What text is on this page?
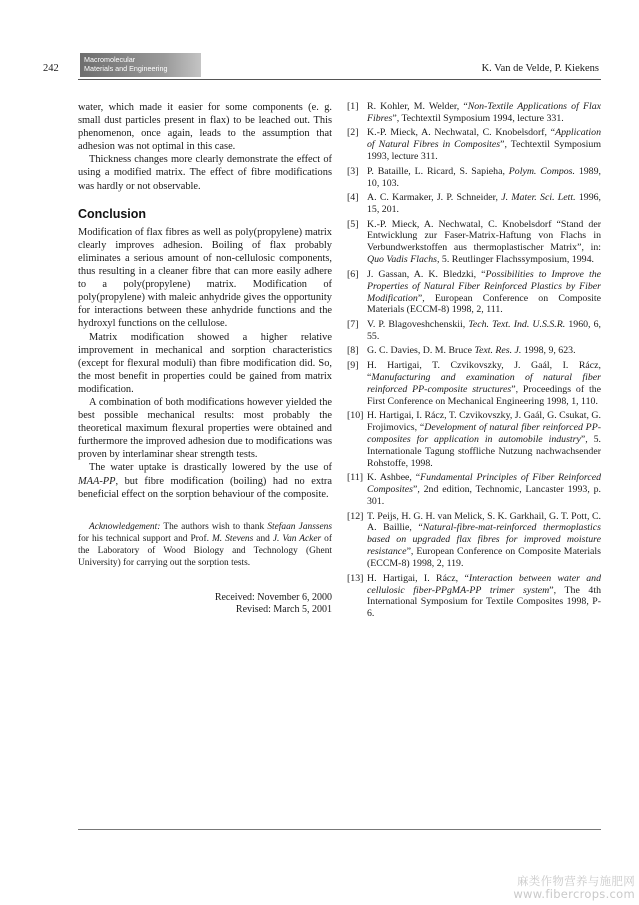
242
Macromolecular
Materials and Engineering	K. Van de Velde, P. Kiekens

water, which made it easier for some components (e. g. small dust particles present in flax) to be leached out. This phenomenon, once again, leads to the assumption that adhesion was not optimal in this case.

Thickness changes more clearly demonstrate the effect of using a modified matrix. The effect of fibre modifications was hardly or not observable.

Conclusion

Modification of flax fibres as well as poly(propylene) matrix clearly improves adhesion. Boiling of flax probably eliminates a serious amount of non-cellulosic components, thus resulting in a cleaner fibre that can more easily adhere to a poly(propylene) matrix. Modification of poly(propylene) with maleic anhydride gives the opportunity for interactions between these anhydride functions and the hydroxyl functions on the cellulose.

Matrix modification showed a higher relative improvement in mechanical and sorption characteristics (except for flexural moduli) than fibre modification did. So, the most benefit in properties could be gained from matrix modification.

A combination of both modifications however yielded the best possible mechanical results: most probably the theoretical maximum flexural properties were obtained and furthermore the improved adhesion due to modifications was proven by interlaminar shear strength tests.

The water uptake is drastically lowered by the use of MAA-PP, but fibre modification (boiling) had no extra beneficial effect on the sorption behaviour of the composite.

Acknowledgement: The authors wish to thank Stefaan Janssens for his technical support and Prof. M. Stevens and J. Van Acker of the Laboratory of Wood Biology and Technology (Ghent University) for carrying out the sorption tests.

Received: November 6, 2000
Revised: March 5, 2001
[1] R. Kohler, M. Welder, “Non-Textile Applications of Flax Fibres”, Techtextil Symposium 1994, lecture 331.
[2] K.-P. Mieck, A. Nechwatal, C. Knobelsdorf, “Application of Natural Fibres in Composites”, Techtextil Symposium 1993, lecture 311.
[3] P. Bataille, L. Ricard, S. Sapieha, Polym. Compos. 1989, 10, 103.
[4] A. C. Karmaker, J. P. Schneider, J. Mater. Sci. Lett. 1996, 15, 201.
[5] K.-P. Mieck, A. Nechwatal, C. Knobelsdorf “Stand der Entwicklung zur Faser-Matrix-Haftung von Flachs in Verbundwerkstoffen aus thermoplastischer Matrix”, in: Quo Vadis Flachs, 5. Reutlinger Flachssymposium, 1994.
[6] J. Gassan, A. K. Bledzki, “Possibilities to Improve the Properties of Natural Fiber Reinforced Plastics by Fiber Modification”, European Conference on Composite Materials (ECCM-8) 1998, 2, 111.
[7] V. P. Blagoveshchenskii, Tech. Text. Ind. U.S.S.R. 1960, 6, 55.
[8] G. C. Davies, D. M. Bruce Text. Res. J. 1998, 9, 623.
[9] H. Hartigai, T. Czvikovszky, J. Gaál, I. Rácz, “Manufacturing and examination of natural fiber reinforced PP-composite structures”, Proceedings of the First Conference on Mechanical Engineering 1998, 1, 110.
[10] H. Hartigai, I. Rácz, T. Czvikovszky, J. Gaál, G. Csukat, G. Frojimovics, “Development of natural fiber reinforced PP-composites for application in automobile industry”, 5. Internationale Tagung stoffliche Nutzung nachwachsender Rohstoffe, 1998.
[11] K. Ashbee, “Fundamental Principles of Fiber Reinforced Composites”, 2nd edition, Technomic, Lancaster 1993, p. 301.
[12] T. Peijs, H. G. H. van Melick, S. K. Garkhail, G. T. Pott, C. A. Baillie, “Natural-fibre-mat-reinforced thermoplastics based on upgraded flax fibres for improved moisture resistance”, European Conference on Composite Materials (ECCM-8) 1998, 2, 119.
[13] H. Hartigai, I. Rácz, “Interaction between water and cellulosic fiber-PPgMA-PP trimer system”, The 4th International Symposium for Textile Composites 1998, P-6.
麻类作物营养与施肥网
www.fibercrops.com
